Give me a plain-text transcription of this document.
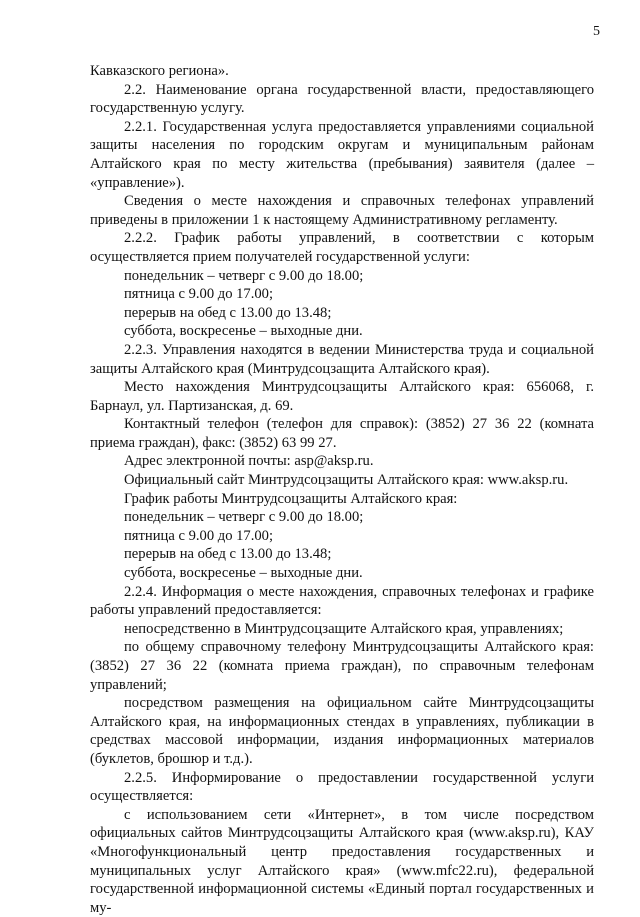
5

Кавказского региона».

2.2. Наименование органа государственной власти, предоставляющего государственную услугу.

2.2.1. Государственная услуга предоставляется управлениями социальной защиты населения по городским округам и муниципальным районам Алтайского края по месту жительства (пребывания) заявителя (далее – «управление»).

Сведения о месте нахождения и справочных телефонах управлений приведены в приложении 1 к настоящему Административному регламенту.

2.2.2. График работы управлений, в соответствии с которым осуществляется прием получателей государственной услуги:

понедельник – четверг с 9.00 до 18.00;

пятница с 9.00 до 17.00;

перерыв на обед с 13.00 до 13.48;

суббота, воскресенье – выходные дни.

2.2.3. Управления находятся в ведении Министерства труда и социальной защиты Алтайского края (Минтрудсоцзащита Алтайского края).

Место нахождения Минтрудсоцзащиты Алтайского края: 656068, г. Барнаул, ул. Партизанская, д. 69.

Контактный телефон (телефон для справок): (3852) 27 36 22 (комната приема граждан), факс: (3852) 63 99 27.

Адрес электронной почты: asp@aksp.ru.

Официальный сайт Минтрудсоцзащиты Алтайского края: www.aksp.ru.

График работы Минтрудсоцзащиты Алтайского края:

понедельник – четверг с 9.00 до 18.00;

пятница с 9.00 до 17.00;

перерыв на обед с 13.00 до 13.48;

суббота, воскресенье – выходные дни.

2.2.4. Информация о месте нахождения, справочных телефонах и графике работы управлений предоставляется:

непосредственно в Минтрудсоцзащите Алтайского края, управлениях;

по общему справочному телефону Минтрудсоцзащиты Алтайского края: (3852) 27 36 22 (комната приема граждан), по справочным телефонам управлений;

посредством размещения на официальном сайте Минтрудсоцзащиты Алтайского края, на информационных стендах в управлениях, публикации в средствах массовой информации, издания информационных материалов (буклетов, брошюр и т.д.).

2.2.5. Информирование о предоставлении государственной услуги осуществляется:

с использованием сети «Интернет», в том числе посредством официальных сайтов Минтрудсоцзащиты Алтайского края (www.aksp.ru), КАУ «Многофункциональный центр предоставления государственных и муниципальных услуг Алтайского края» (www.mfc22.ru), федеральной государственной информационной системы «Единый портал государственных и му-
